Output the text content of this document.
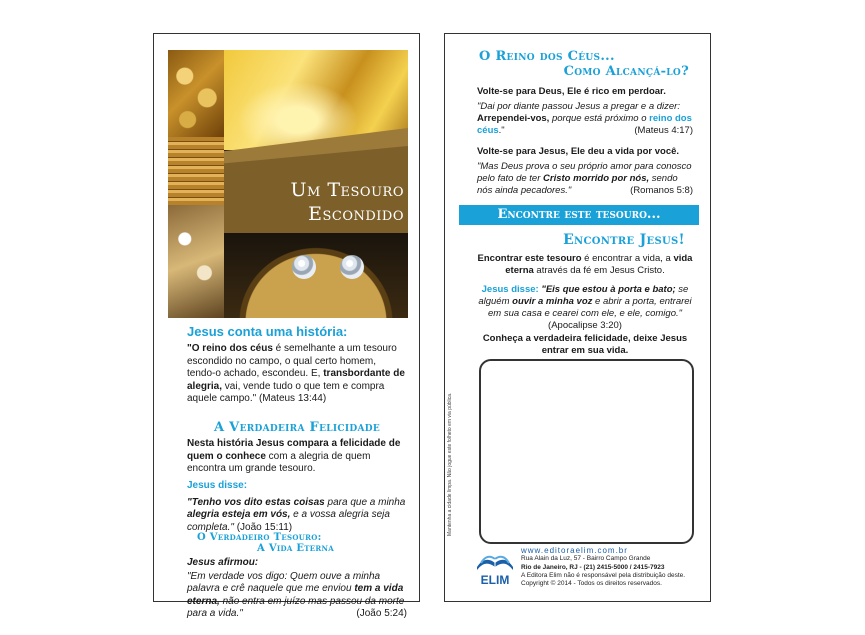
Um Tesouro
Escondido
Jesus conta uma história:
"O reino dos céus é semelhante a um tesouro escondido no campo, o qual certo homem, tendo-o achado, escondeu. E, transbordante de alegria, vai, vende tudo o que tem e compra aquele campo." (Mateus 13:44)
A Verdadeira Felicidade
Nesta história Jesus compara a felicidade de quem o conhece com a alegria de quem encontra um grande tesouro.
Jesus disse:
"Tenho vos dito estas coisas para que a minha alegria esteja em vós, e a vossa alegria seja completa." (João 15:11)
O Verdadeiro Tesouro:
A Vida Eterna
Jesus afirmou:
"Em verdade vos digo: Quem ouve a minha palavra e crê naquele que me enviou tem a vida eterna, não entra em juízo mas passou da morte para a vida."	(João 5:24)
O Reino dos Céus...
Como Alcançá-lo?
Volte-se para Deus, Ele é rico em perdoar.
"Dai por diante passou Jesus a pregar e a dizer: Arrependei-vos, porque está próximo o reino dos céus."	(Mateus 4:17)
Volte-se para Jesus, Ele deu a vida por você.
"Mas Deus prova o seu próprio amor para conosco pelo fato de ter Cristo morrido por nós, sendo nós ainda pecadores."	(Romanos 5:8)
Encontre este tesouro...
Encontre Jesus!
Encontrar este tesouro é encontrar a vida, a vida eterna através da fé em Jesus Cristo.
Jesus disse: "Eis que estou à porta e bato; se alguém ouvir a minha voz e abrir a porta, entrarei em sua casa e cearei com ele, e ele, comigo." (Apocalipse 3:20)
Conheça a verdadeira felicidade, deixe Jesus entrar em sua vida.
Mantenha a cidade limpa. Não jogue este folheto em via pública.
ELIM
www.editoraelim.com.br
Rua Alain da Luz, 57 - Bairro Campo Grande
Rio de Janeiro, RJ - (21) 2415-5000 / 2415-7923
A Editora Elim não é responsável pela distribuição deste.
Copyright © 2014 - Todos os direitos reservados.
